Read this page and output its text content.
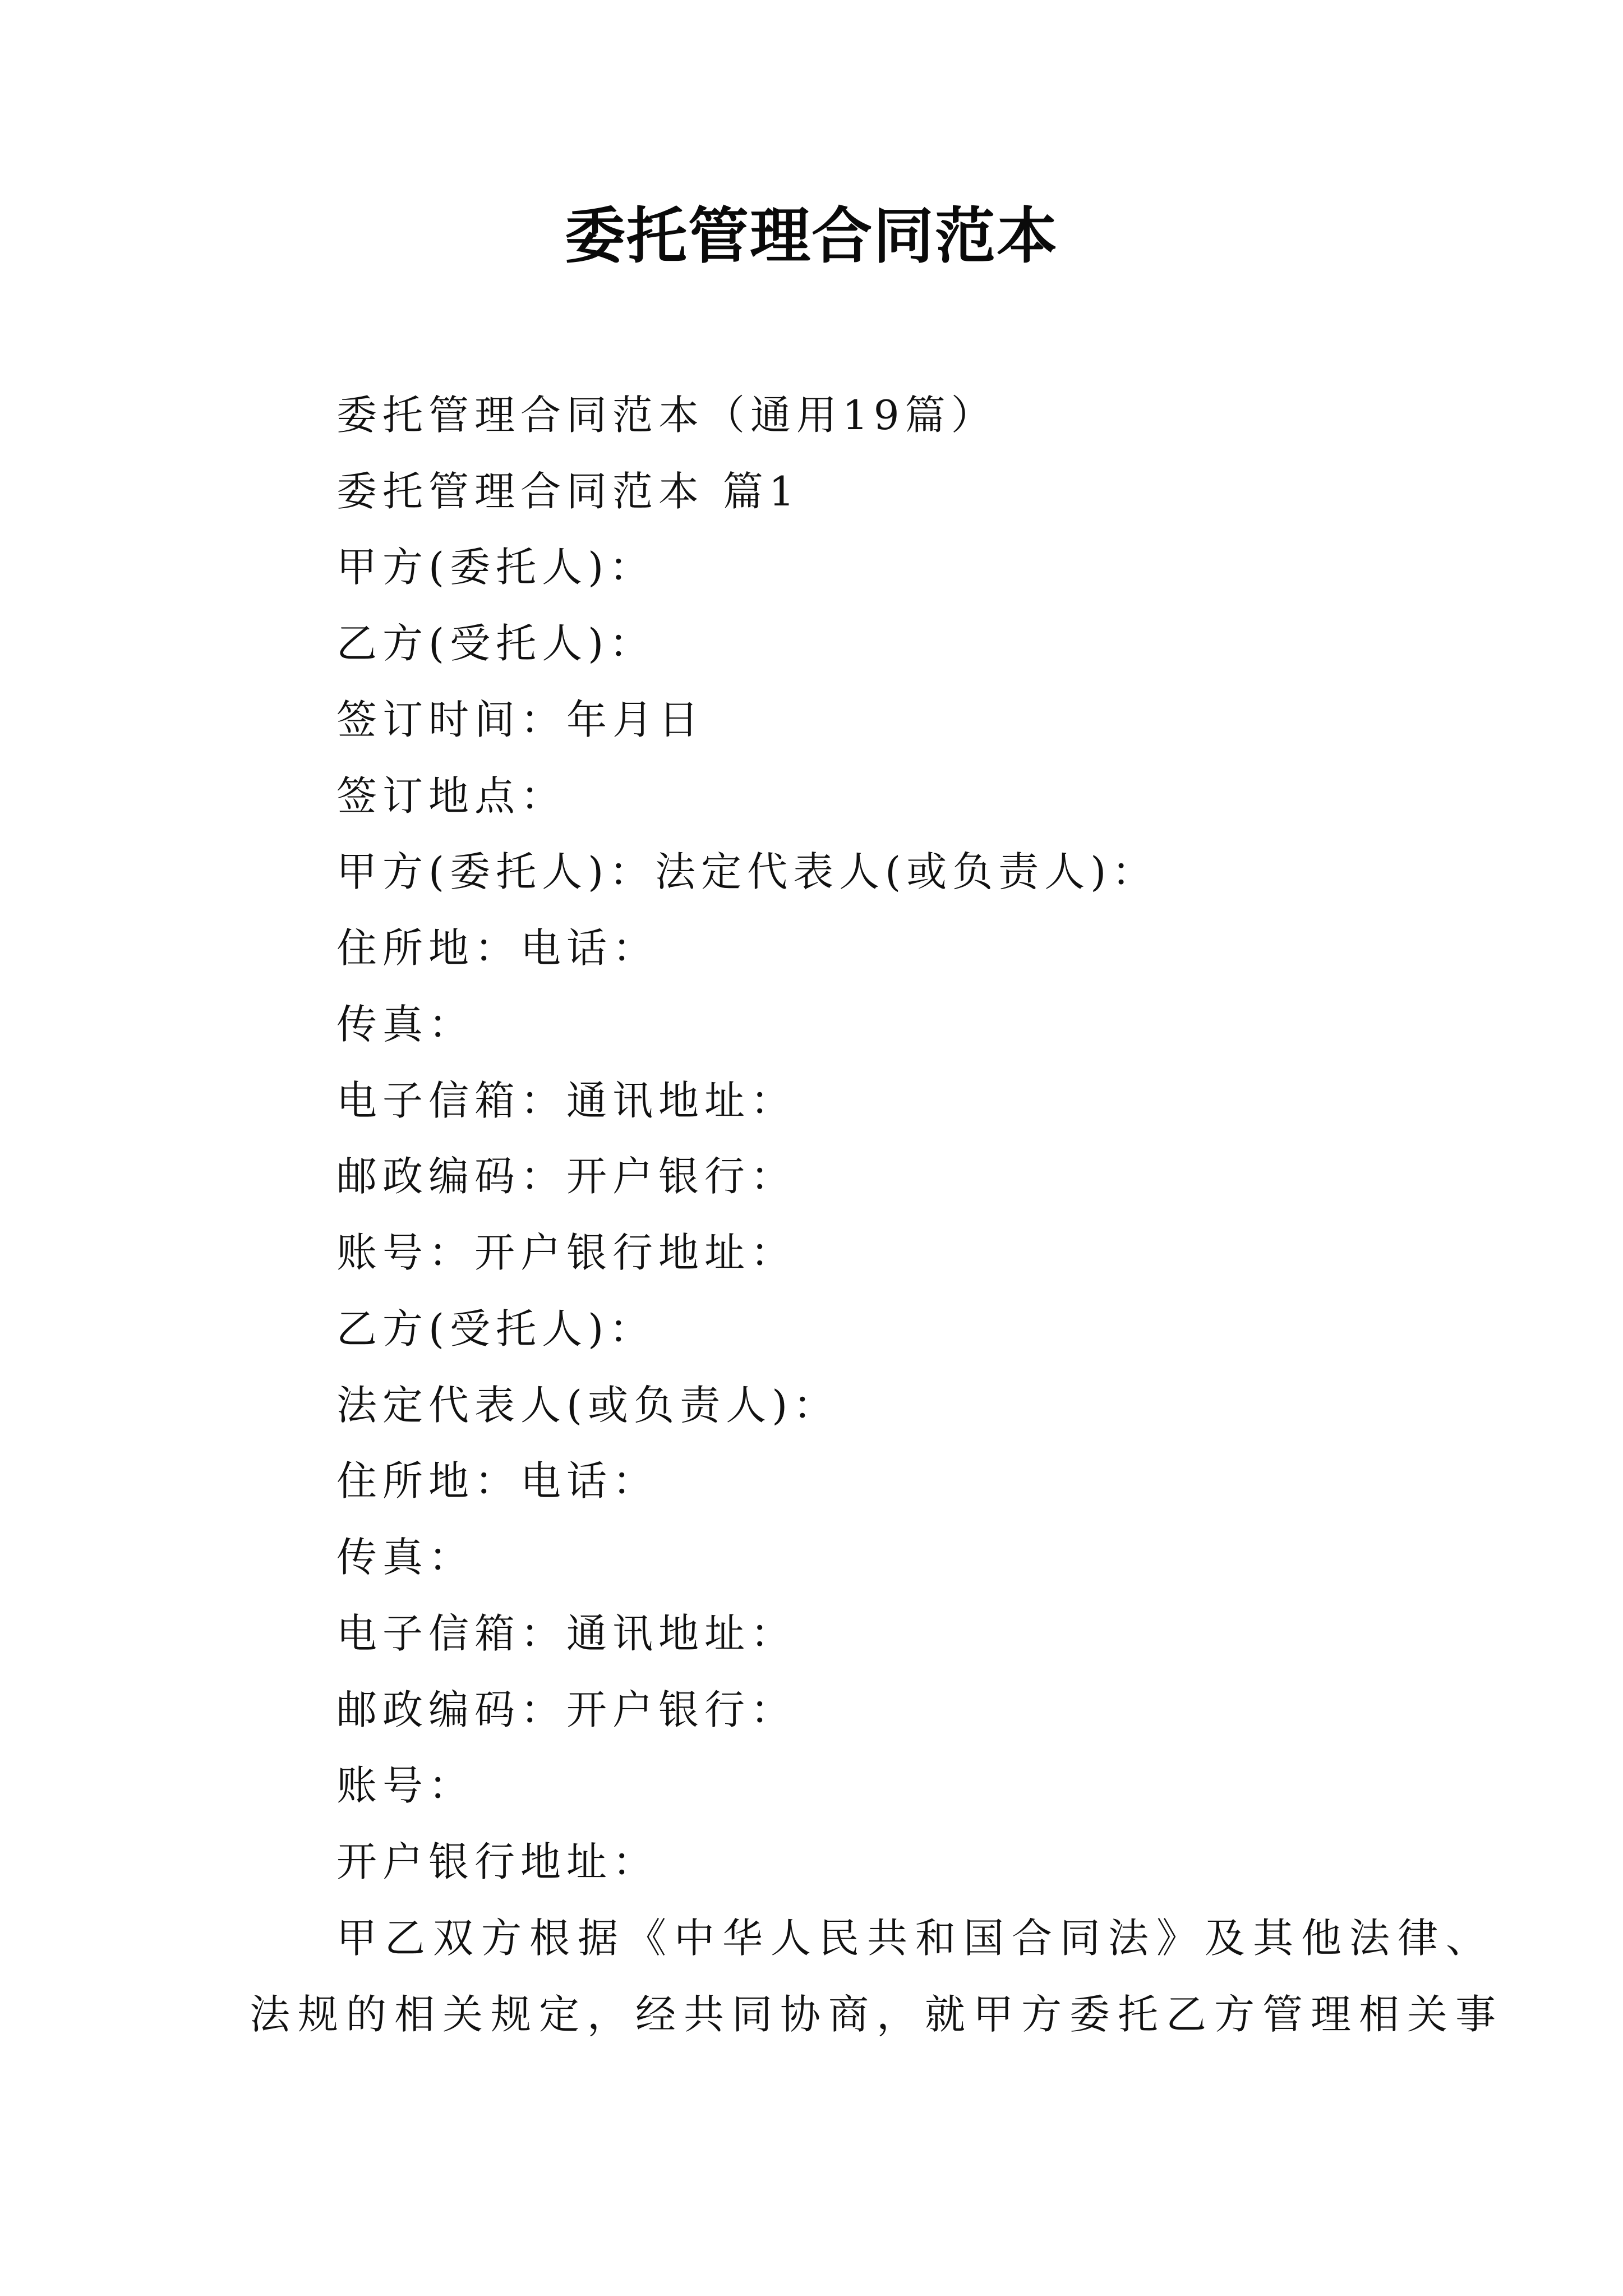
委托管理合同范本
委托管理合同范本（通用19篇）
委托管理合同范本 篇1
甲方(委托人)：
乙方(受托人)：
签订时间：年月日
签订地点：
甲方(委托人)：法定代表人(或负责人)：
住所地：电话：
传真：
电子信箱：通讯地址：
邮政编码：开户银行：
账号：开户银行地址：
乙方(受托人)：
法定代表人(或负责人)：
住所地：电话：
传真：
电子信箱：通讯地址：
邮政编码：开户银行：
账号：
开户银行地址：
甲乙双方根据《中华人民共和国合同法》及其他法律、
法规的相关规定，经共同协商，就甲方委托乙方管理相关事
